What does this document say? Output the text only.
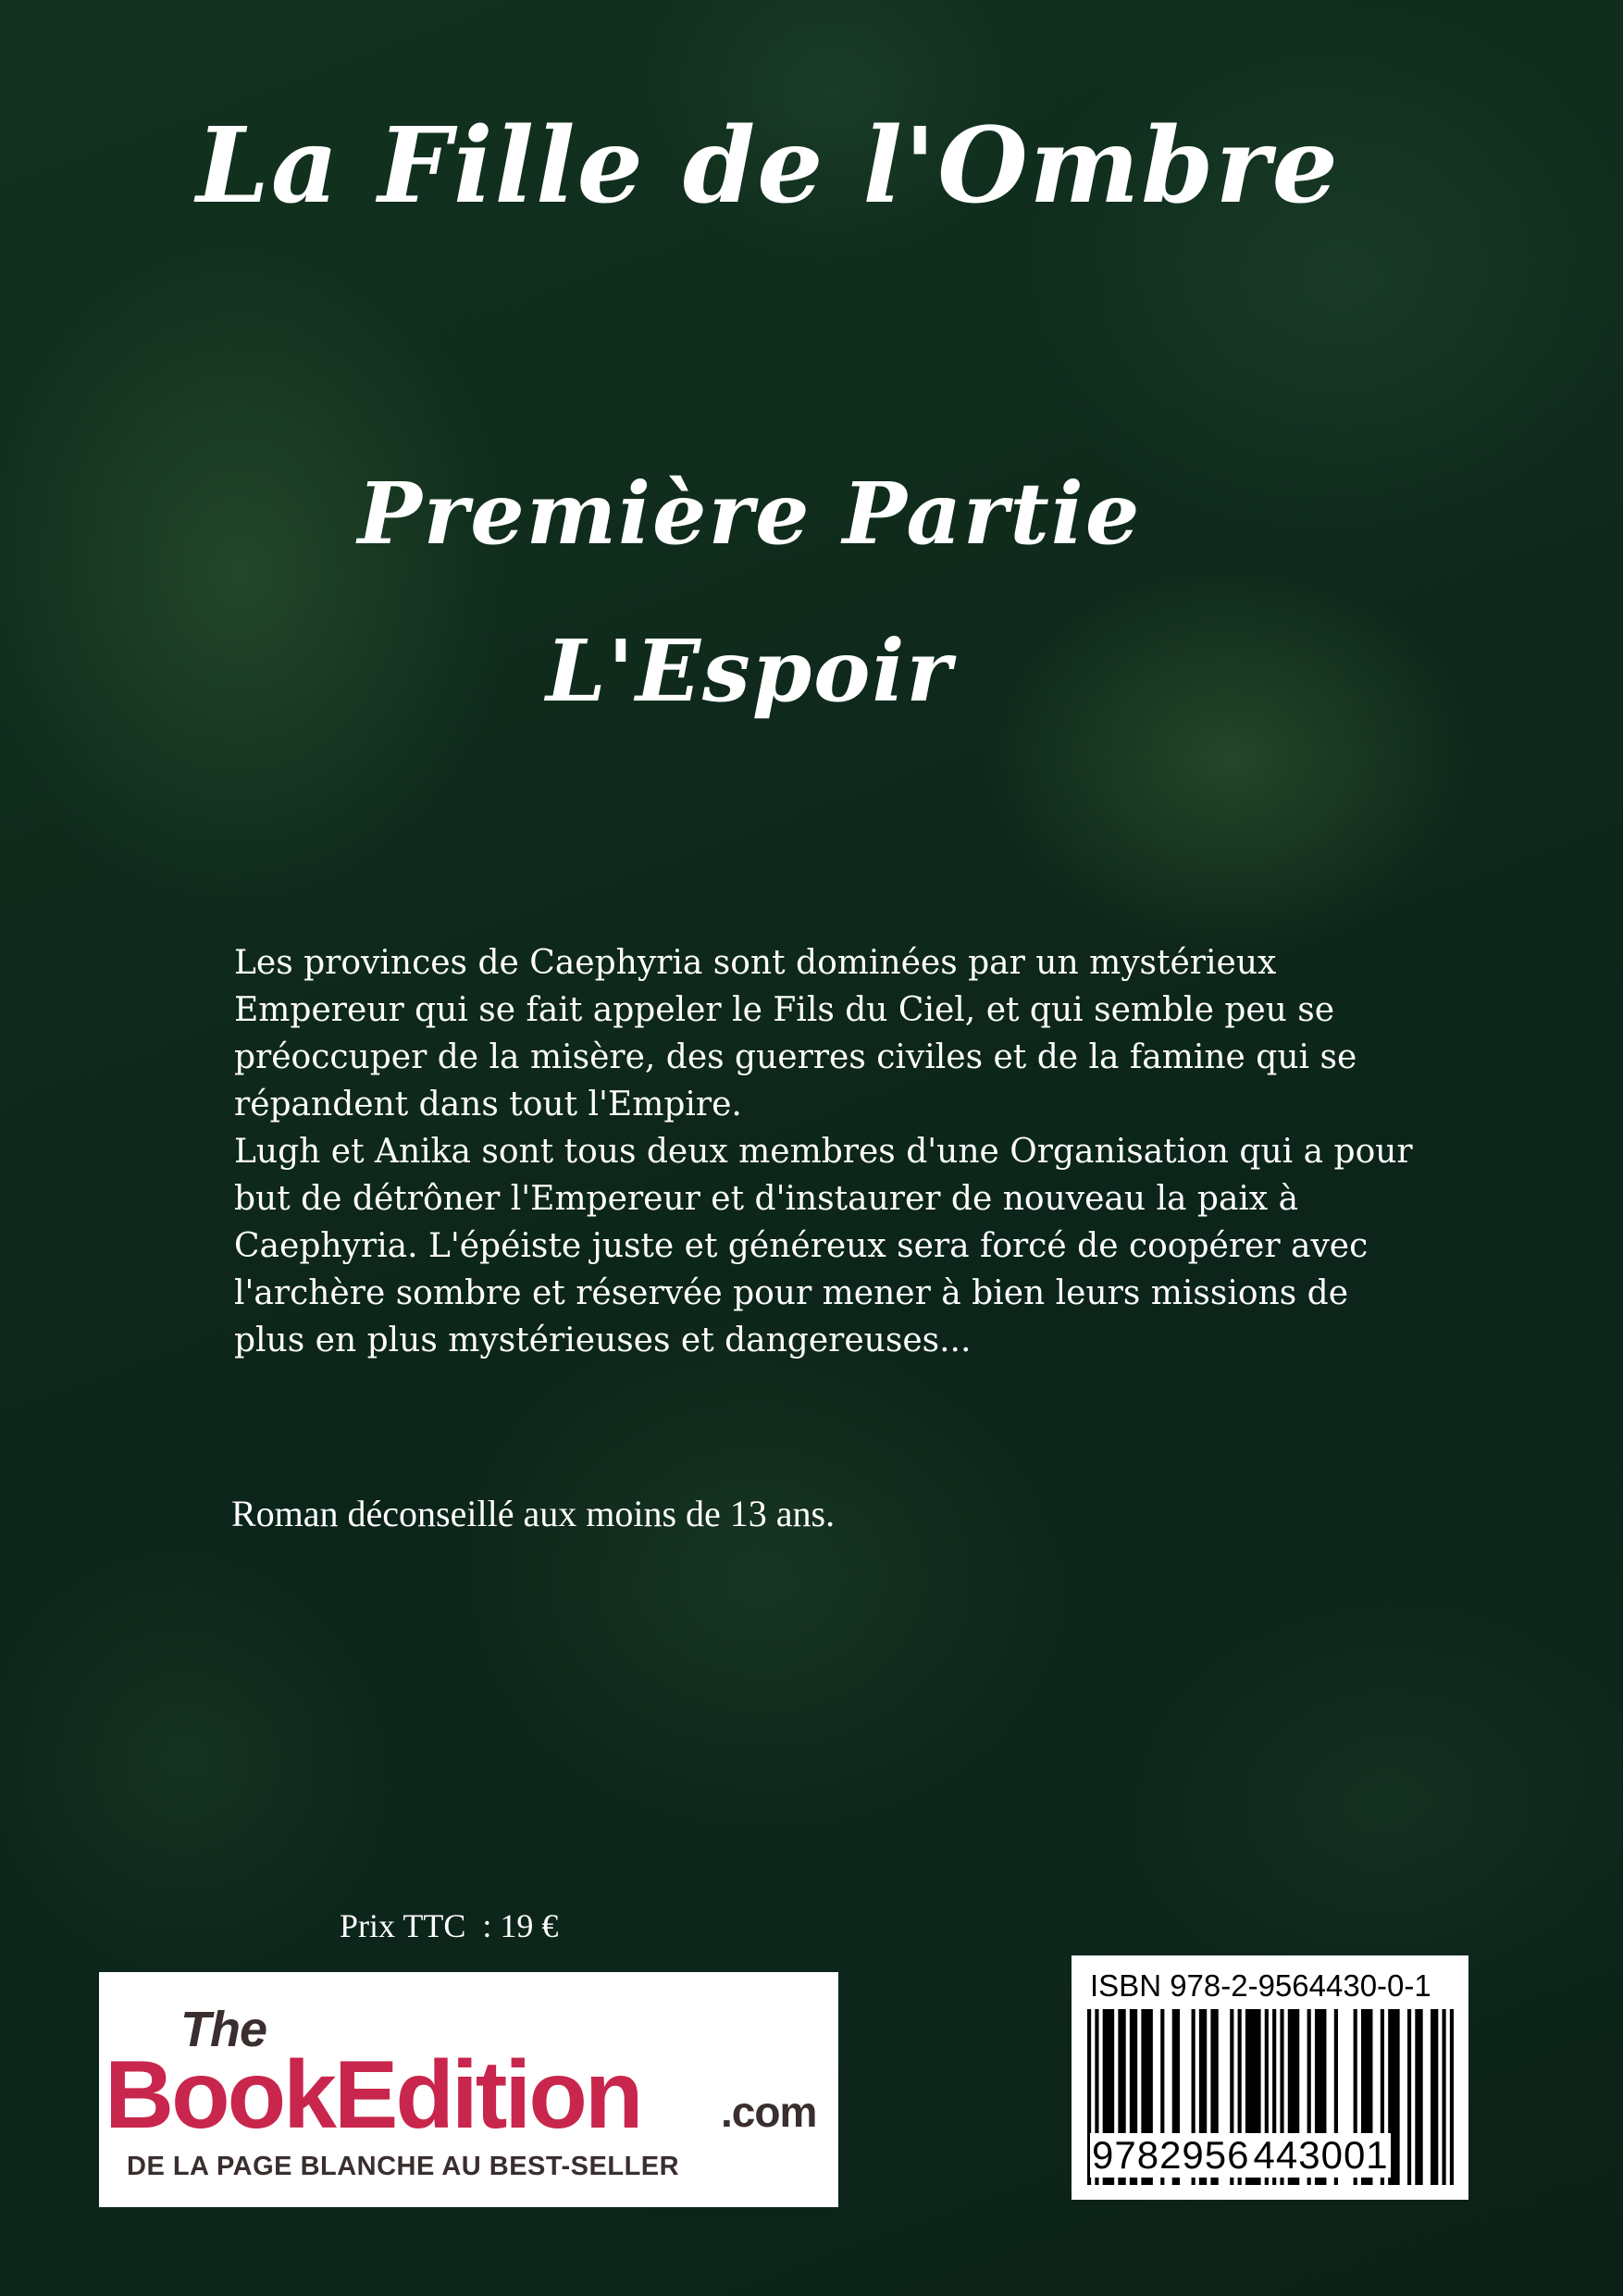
La Fille de l'Ombre
Première Partie
L'Espoir

Les provinces de Caephyria sont dominées par un mystérieux
Empereur qui se fait appeler le Fils du Ciel, et qui semble peu se
préoccuper de la misère, des guerres civiles et de la famine qui se
répandent dans tout l'Empire.
Lugh et Anika sont tous deux membres d'une Organisation qui a pour
but de détrôner l'Empereur et d'instaurer de nouveau la paix à
Caephyria. L'épéiste juste et généreux sera forcé de coopérer avec
l'archère sombre et réservée pour mener à bien leurs missions de
plus en plus mystérieuses et dangereuses...

Roman déconseillé aux moins de 13 ans.
Prix TTC  : 19 €
The
BookEdition .com
DE LA PAGE BLANCHE AU BEST-SELLER
ISBN 978-2-9564430-0-1
9782956443001
